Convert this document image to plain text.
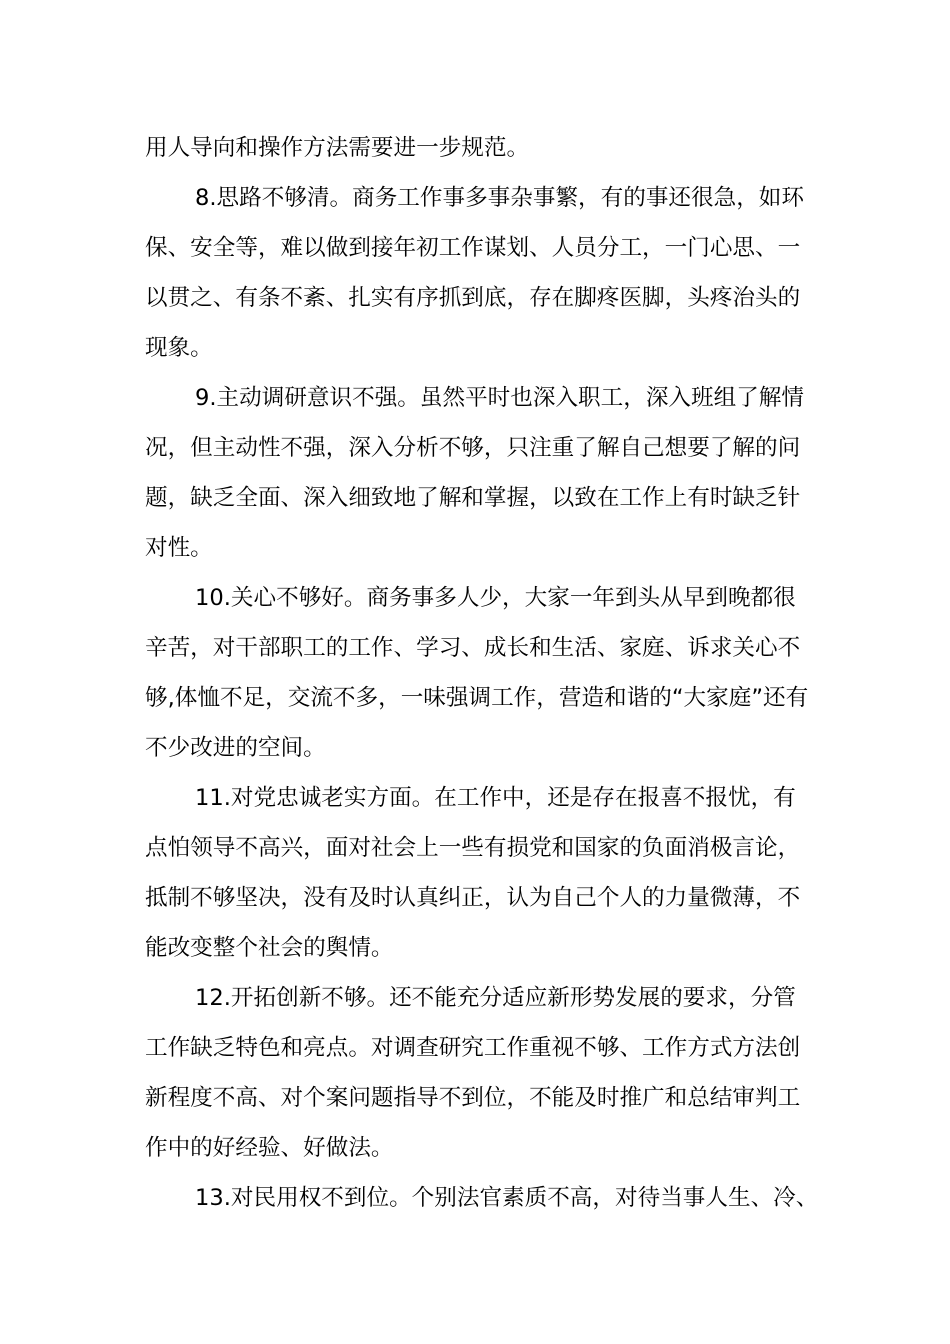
用人导向和操作方法需要进一步规范。

8.思路不够清。商务工作事多事杂事繁，有的事还很急，如环

保、安全等，难以做到接年初工作谋划、人员分工，一门心思、一

以贯之、有条不紊、扎实有序抓到底，存在脚疼医脚，头疼治头的

现象。

9.主动调研意识不强。虽然平时也深入职工，深入班组了解情

况，但主动性不强，深入分析不够，只注重了解自己想要了解的问

题，缺乏全面、深入细致地了解和掌握，以致在工作上有时缺乏针

对性。

10.关心不够好。商务事多人少，大家一年到头从早到晚都很

辛苦，对干部职工的工作、学习、成长和生活、家庭、诉求关心不

够,体恤不足，交流不多，一味强调工作，营造和谐的“大家庭”还有

不少改进的空间。

11.对党忠诚老实方面。在工作中，还是存在报喜不报忧，有

点怕领导不高兴，面对社会上一些有损党和国家的负面消极言论，

抵制不够坚决，没有及时认真纠正，认为自己个人的力量微薄，不

能改变整个社会的舆情。

12.开拓创新不够。还不能充分适应新形势发展的要求，分管

工作缺乏特色和亮点。对调查研究工作重视不够、工作方式方法创

新程度不高、对个案问题指导不到位，不能及时推广和总结审判工

作中的好经验、好做法。

13.对民用权不到位。个别法官素质不高，对待当事人生、冷、
